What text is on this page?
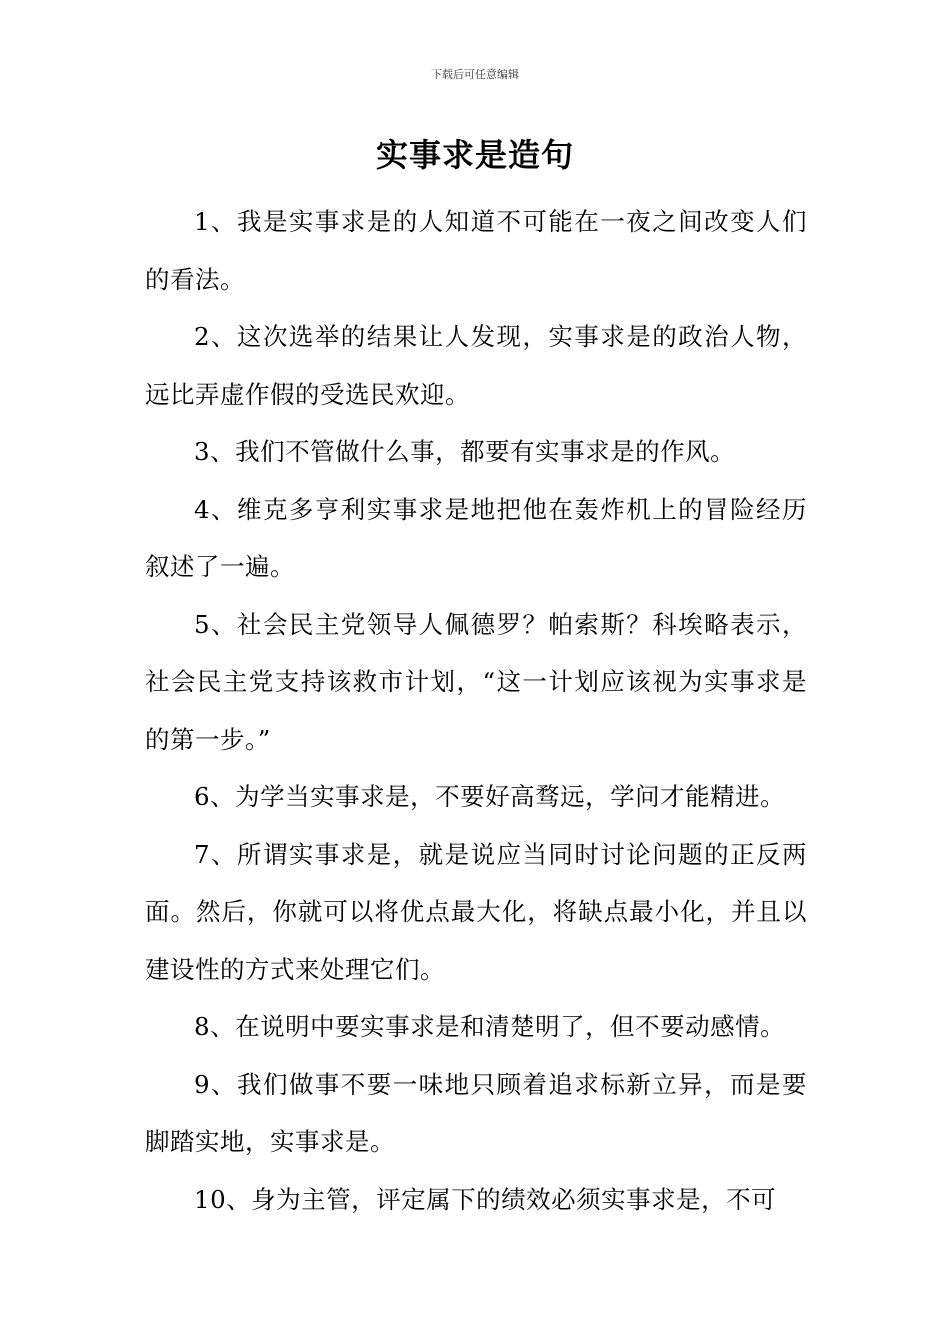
下载后可任意编辑
实事求是造句

1、我是实事求是的人知道不可能在一夜之间改变人们的看法。

2、这次选举的结果让人发现，实事求是的政治人物，远比弄虚作假的受选民欢迎。

3、我们不管做什么事，都要有实事求是的作风。

4、维克多亨利实事求是地把他在轰炸机上的冒险经历叙述了一遍。

5、社会民主党领导人佩德罗？帕索斯？科埃略表示，社会民主党支持该救市计划，“这一计划应该视为实事求是的第一步。”

6、为学当实事求是，不要好高骛远，学问才能精进。

7、所谓实事求是，就是说应当同时讨论问题的正反两面。然后，你就可以将优点最大化，将缺点最小化，并且以建设性的方式来处理它们。

8、在说明中要实事求是和清楚明了，但不要动感情。

9、我们做事不要一味地只顾着追求标新立异，而是要脚踏实地，实事求是。

10、身为主管，评定属下的绩效必须实事求是，不可
